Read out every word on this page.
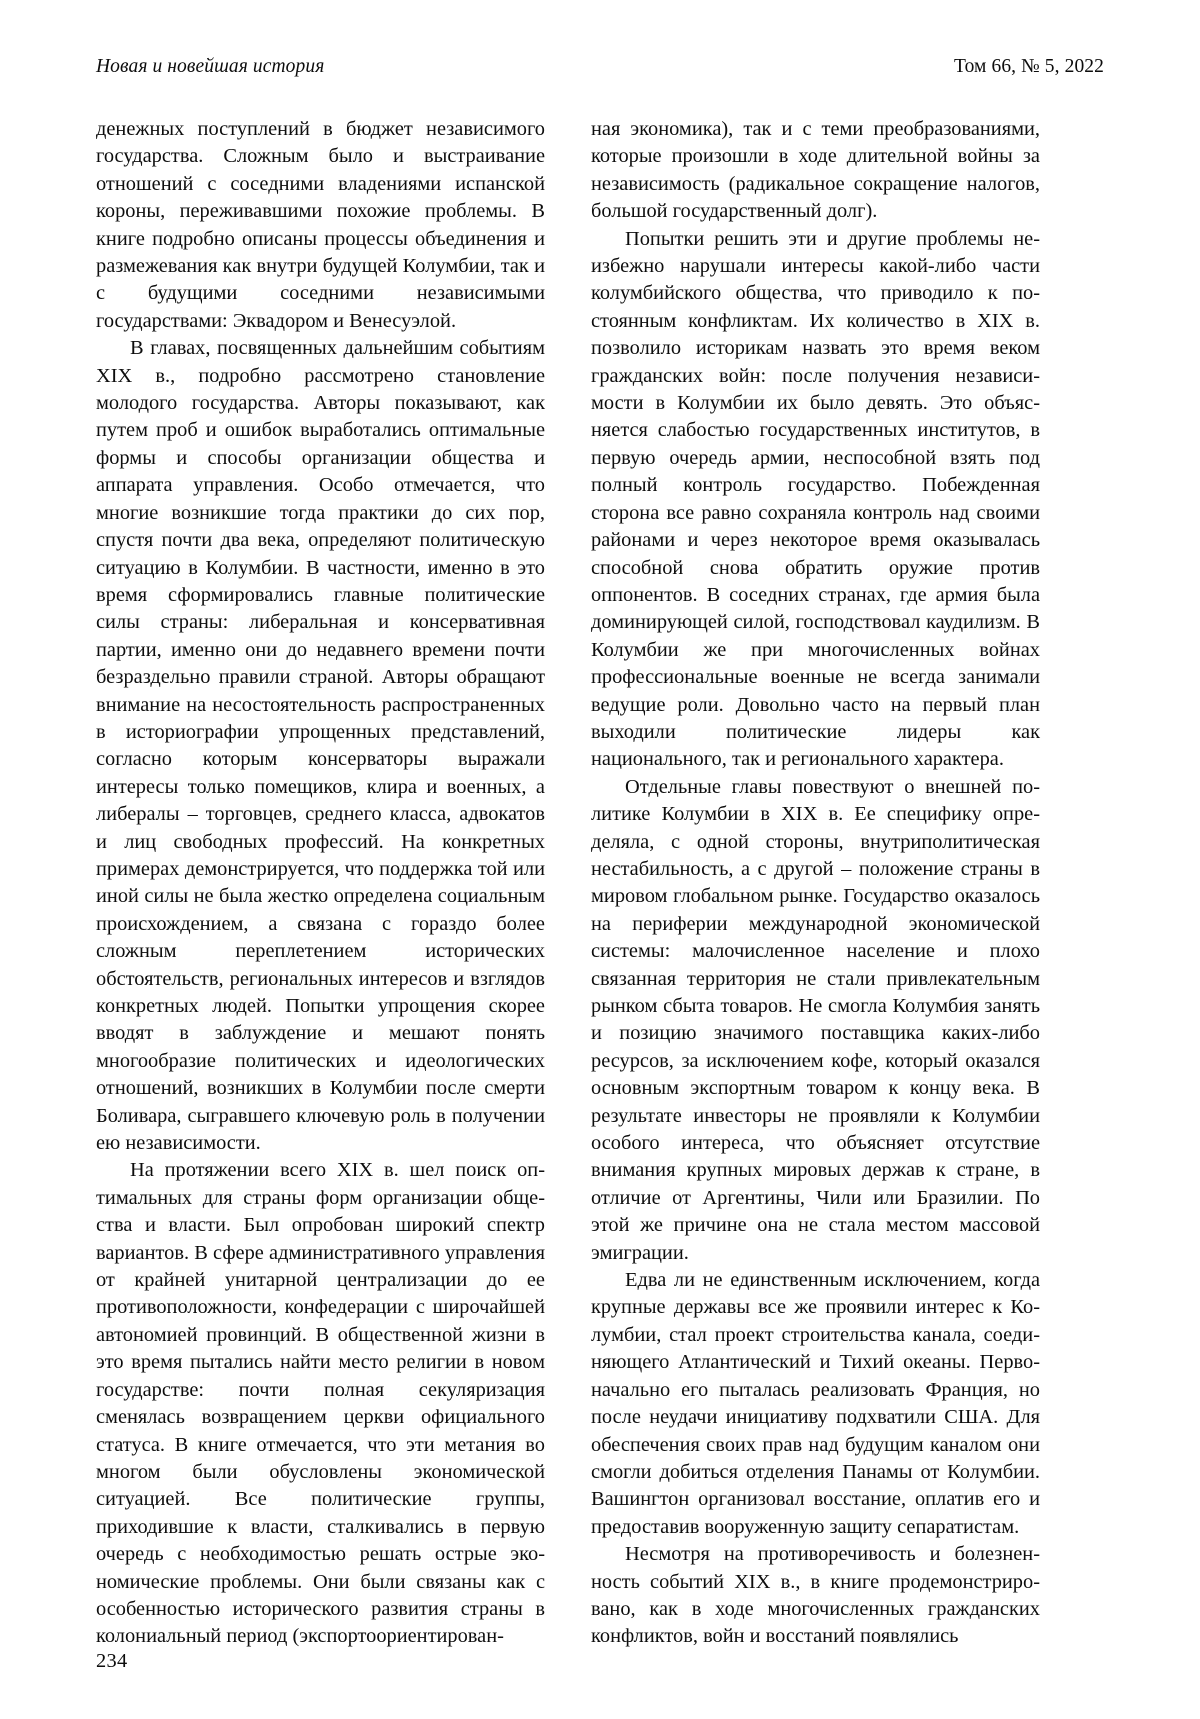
Новая и новейшая история	Том 66, № 5, 2022

денежных поступлений в бюджет независимого государства. Сложным было и выстраивание отношений с соседними владениями испанской короны, переживавшими похожие проблемы. В книге подробно описаны процессы объединения и размежевания как внутри будущей Колумбии, так и с будущими соседними независимыми государствами: Эквадором и Венесуэлой.

В главах, посвященных дальнейшим событиям XIX в., подробно рассмотрено становление молодого государства. Авторы показывают, как путем проб и ошибок выработались оптимальные формы и способы организации общества и аппарата управления. Особо отмечается, что многие возникшие тогда практики до сих пор, спустя почти два века, определяют политическую ситуацию в Колумбии. В частности, именно в это время сформировались главные политические силы страны: либеральная и консервативная партии, именно они до недавнего времени почти безраздельно правили страной. Авторы обращают внимание на несостоятельность распространенных в историографии упрощенных представлений, согласно которым консерваторы выражали интересы только помещиков, клира и военных, а либералы – торговцев, среднего класса, адвокатов и лиц свободных профессий. На конкретных примерах демонстрируется, что поддержка той или иной силы не была жестко определена социальным происхождением, а связана с гораздо более сложным переплетением исторических обстоятельств, региональных интересов и взглядов конкретных людей. Попытки упрощения скорее вводят в заблуждение и мешают понять многообразие политических и идеологических отношений, возникших в Колумбии после смерти Боливара, сыгравшего ключевую роль в получении ею независимости.

На протяжении всего XIX в. шел поиск оптимальных для страны форм организации общества и власти. Был опробован широкий спектр вариантов. В сфере административного управления от крайней унитарной централизации до ее противоположности, конфедерации с широчайшей автономией провинций. В общественной жизни в это время пытались найти место религии в новом государстве: почти полная секуляризация сменялась возвращением церкви официального статуса. В книге отмечается, что эти метания во многом были обусловлены экономической ситуацией. Все политические группы, приходившие к власти, сталкивались в первую очередь с необходимостью решать острые экономические проблемы. Они были связаны как с особенностью исторического развития страны в колониальный период (экспортоориентирован-

ная экономика), так и с теми преобразованиями, которые произошли в ходе длительной войны за независимость (радикальное сокращение налогов, большой государственный долг).

Попытки решить эти и другие проблемы неизбежно нарушали интересы какой-либо части колумбийского общества, что приводило к постоянным конфликтам. Их количество в XIX в. позволило историкам назвать это время веком гражданских войн: после получения независимости в Колумбии их было девять. Это объясняется слабостью государственных институтов, в первую очередь армии, неспособной взять под полный контроль государство. Побежденная сторона все равно сохраняла контроль над своими районами и через некоторое время оказывалась способной снова обратить оружие против оппонентов. В соседних странах, где армия была доминирующей силой, господствовал каудилизм. В Колумбии же при многочисленных войнах профессиональные военные не всегда занимали ведущие роли. Довольно часто на первый план выходили политические лидеры как национального, так и регионального характера.

Отдельные главы повествуют о внешней политике Колумбии в XIX в. Ее специфику определяла, с одной стороны, внутриполитическая нестабильность, а с другой – положение страны в мировом глобальном рынке. Государство оказалось на периферии международной экономической системы: малочисленное население и плохо связанная территория не стали привлекательным рынком сбыта товаров. Не смогла Колумбия занять и позицию значимого поставщика каких-либо ресурсов, за исключением кофе, который оказался основным экспортным товаром к концу века. В результате инвесторы не проявляли к Колумбии особого интереса, что объясняет отсутствие внимания крупных мировых держав к стране, в отличие от Аргентины, Чили или Бразилии. По этой же причине она не стала местом массовой эмиграции.

Едва ли не единственным исключением, когда крупные державы все же проявили интерес к Колумбии, стал проект строительства канала, соединяющего Атлантический и Тихий океаны. Первоначально его пыталась реализовать Франция, но после неудачи инициативу подхватили США. Для обеспечения своих прав над будущим каналом они смогли добиться отделения Панамы от Колумбии. Вашингтон организовал восстание, оплатив его и предоставив вооруженную защиту сепаратистам.

Несмотря на противоречивость и болезненность событий XIX в., в книге продемонстрировано, как в ходе многочисленных гражданских конфликтов, войн и восстаний появлялись

234
